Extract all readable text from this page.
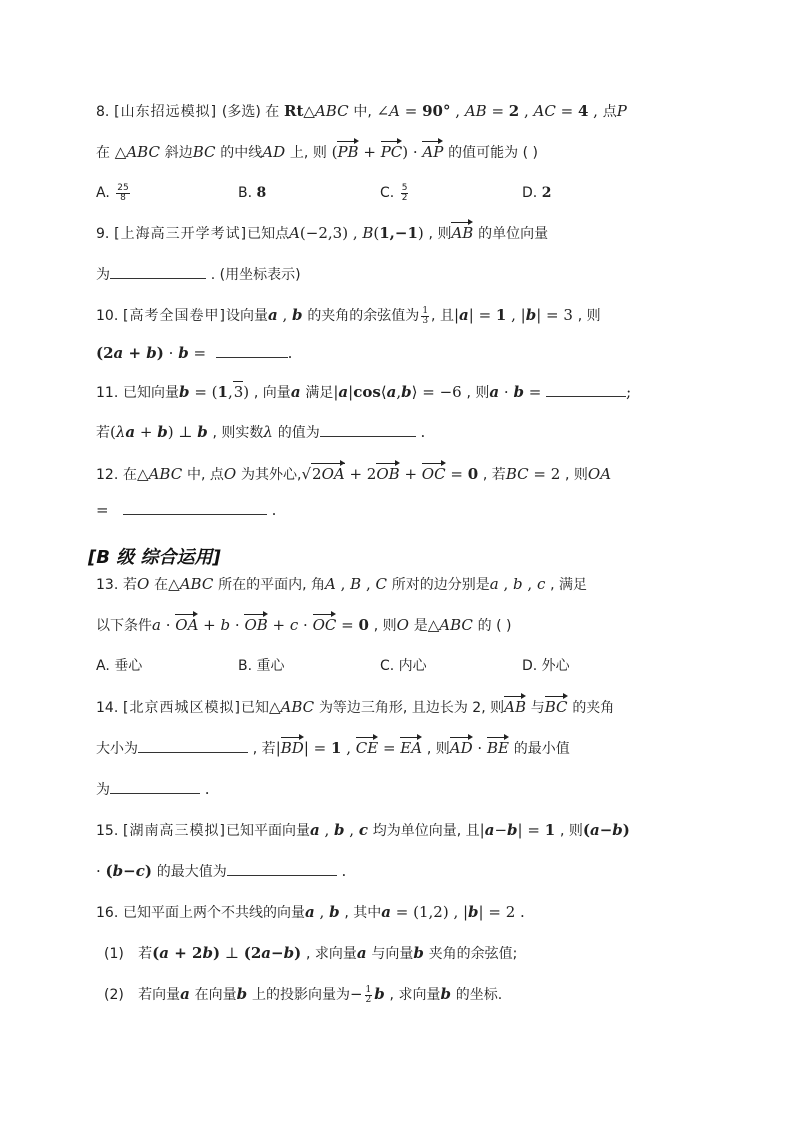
8. [山东招远模拟] (多选) 在 Rt△ABC 中, ∠A = 90° , AB = 2 , AC = 4 , 点P
在 △ABC 斜边BC 的中线AD 上, 则 (PB + PC) · AP 的值可能为 ( )
A. $\frac{25}{8}$	B. 8	C. $\frac{5}{2}$	D. 2
9. [上海高三开学考试]已知点A(−2,3) , B(1,−1) , 则AB 的单位向量
为	. (用坐标表示)
10. [高考全国卷甲]设向量a , b 的夹角的余弦值为 $\frac{1}{3}$ , 且|a| = 1 , |b| = 3 , 则
(2a + b) · b =	.
11. 已知向量b = (1,3) , 向量a 满足|a|cos⟨a,b⟩ = −6 , 则a · b =	;
若(λa + b) ⊥ b , 则实数λ 的值为	.
12. 在△ABC 中, 点O 为其外心,√2OA + 2OB + OC = 0 , 若BC = 2 , 则OA
=	.
[B 级 综合运用]
13. 若O 在△ABC 所在的平面内, 角A , B , C 所对的边分别是a , b , c , 满足
以下条件a · OA + b · OB + c · OC = 0 , 则O 是△ABC 的 ( )
A. 垂心	B. 重心	C. 内心	D. 外心
14. [北京西城区模拟]已知△ABC 为等边三角形, 且边长为 2, 则AB 与BC 的夹角
大小为	, 若|BD| = 1 , CE = EA , 则AD · BE 的最小值
为	.
15. [湖南高三模拟]已知平面向量a , b , c 均为单位向量, 且|a−b| = 1 , 则(a−b)
· (b−c) 的最大值为	.
16. 已知平面上两个不共线的向量a , b , 其中a = (1,2) , |b| = 2 .
(1) 若(a + 2b) ⊥ (2a−b) , 求向量a 与向量b 夹角的余弦值;
(2) 若向量a 在向量b 上的投影向量为− $\frac{1}{2}$ b , 求向量b 的坐标.
